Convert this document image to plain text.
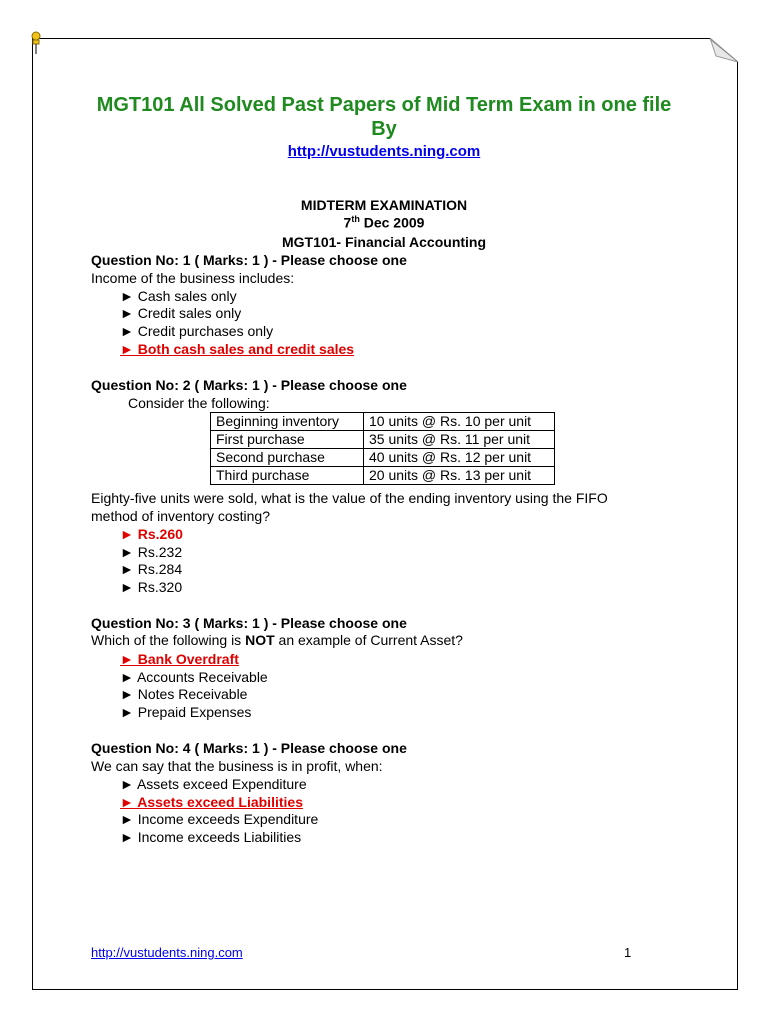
MGT101 All Solved Past Papers of Mid Term Exam in one file
By
http://vustudents.ning.com
MIDTERM EXAMINATION
7th Dec 2009
MGT101- Financial Accounting
Question No: 1 ( Marks: 1 ) - Please choose one
Income of the business includes:
► Cash sales only
► Credit sales only
► Credit purchases only
► Both cash sales and credit sales
Question No: 2 ( Marks: 1 ) - Please choose one
Consider the following:
Beginning inventory	10 units @ Rs. 10 per unit
First purchase	35 units @ Rs. 11 per unit
Second purchase	40 units @ Rs. 12 per unit
Third purchase	20 units @ Rs. 13 per unit
Eighty-five units were sold, what is the value of the ending inventory using the FIFO
method of inventory costing?
► Rs.260
► Rs.232
► Rs.284
► Rs.320
Question No: 3 ( Marks: 1 ) - Please choose one
Which of the following is NOT an example of Current Asset?
► Bank Overdraft
► Accounts Receivable
► Notes Receivable
► Prepaid Expenses
Question No: 4 ( Marks: 1 ) - Please choose one
We can say that the business is in profit, when:
► Assets exceed Expenditure
► Assets exceed Liabilities
► Income exceeds Expenditure
► Income exceeds Liabilities
http://vustudents.ning.com	1
